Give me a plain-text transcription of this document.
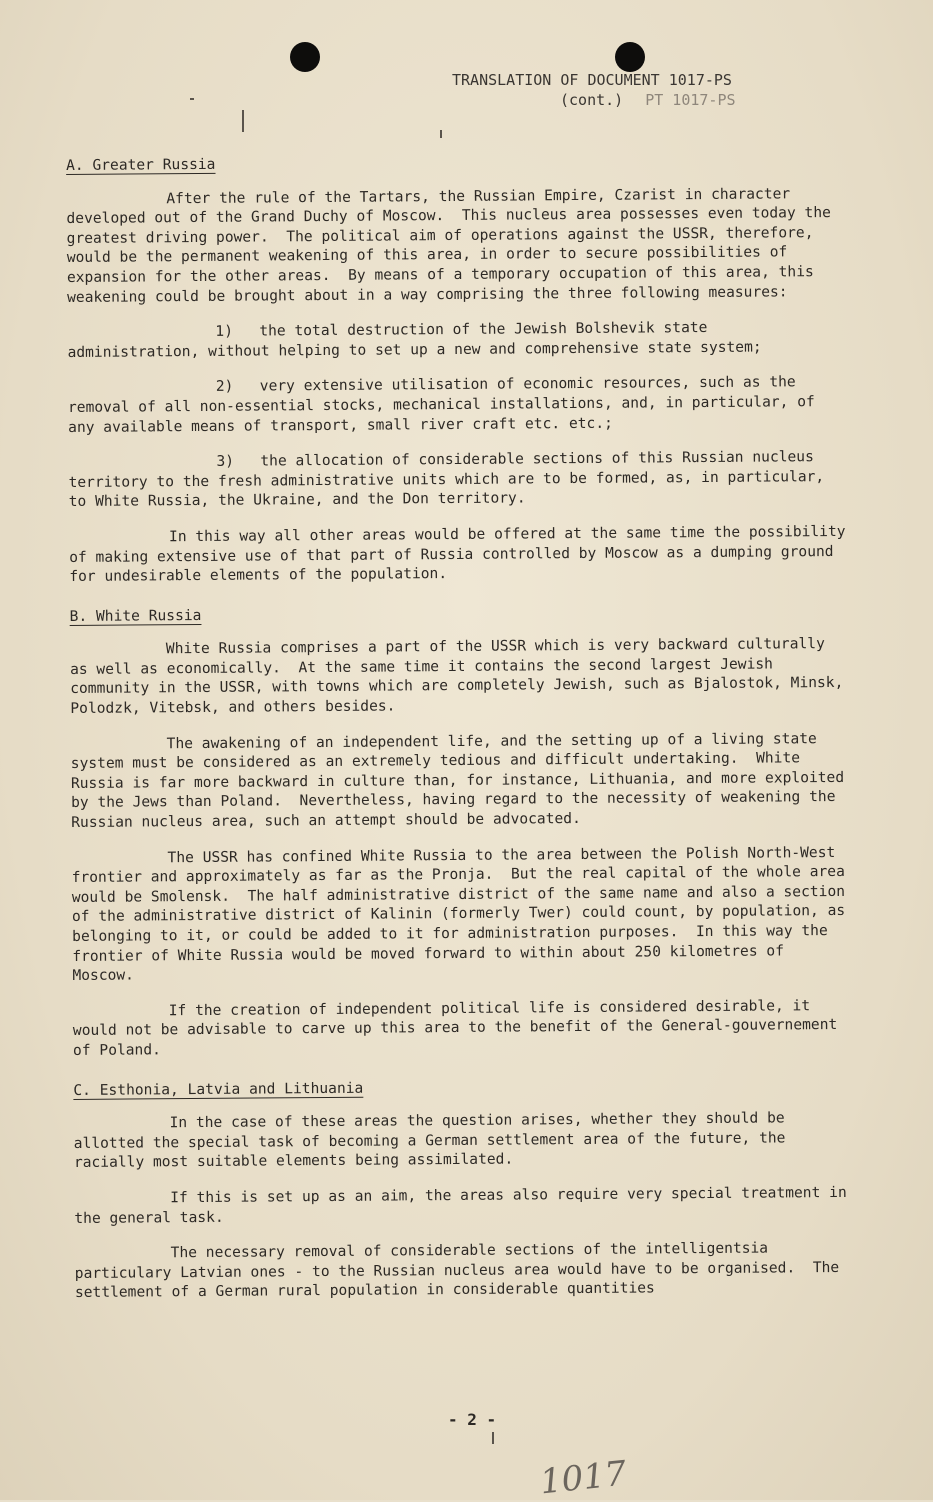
TRANSLATION OF DOCUMENT 1017-PS
(cont.) PT 1017-PS
A. Greater Russia
After the rule of the Tartars, the Russian Empire, Czarist in character developed out of the Grand Duchy of Moscow.  This nucleus area possesses even today the greatest driving power.  The political aim of operations against the USSR, therefore, would be the permanent weakening of this area, in order to secure possibilities of expansion for the other areas.  By means of a temporary occupation of this area, this weakening could be brought about in a way comprising the three following measures:
1)   the total destruction of the Jewish Bolshevik state administration, without helping to set up a new and comprehensive state system;
2)   very extensive utilisation of economic resources, such as the removal of all non-essential stocks, mechanical installations, and, in particular, of any available means of transport, small river craft etc. etc.;
3)   the allocation of considerable sections of this Russian nucleus territory to the fresh administrative units which are to be formed, as, in particular, to White Russia, the Ukraine, and the Don territory.
In this way all other areas would be offered at the same time the possibility of making extensive use of that part of Russia controlled by Moscow as a dumping ground for undesirable elements of the population.
B. White Russia
White Russia comprises a part of the USSR which is very backward culturally as well as economically.  At the same time it contains the second largest Jewish community in the USSR, with towns which are completely Jewish, such as Bjalostok, Minsk, Polodzk, Vitebsk, and others besides.
The awakening of an independent life, and the setting up of a living state system must be considered as an extremely tedious and difficult undertaking.  White Russia is far more backward in culture than, for instance, Lithuania, and more exploited by the Jews than Poland.  Nevertheless, having regard to the necessity of weakening the Russian nucleus area, such an attempt should be advocated.
The USSR has confined White Russia to the area between the Polish North-West frontier and approximately as far as the Pronja.  But the real capital of the whole area would be Smolensk.  The half administrative district of the same name and also a section of the administrative district of Kalinin (formerly Twer) could count, by population, as belonging to it, or could be added to it for administration purposes.  In this way the frontier of White Russia would be moved forward to within about 250 kilometres of Moscow.
If the creation of independent political life is considered desirable, it would not be advisable to carve up this area to the benefit of the General-gouvernement of Poland.
C. Esthonia, Latvia and Lithuania
In the case of these areas the question arises, whether they should be allotted the special task of becoming a German settlement area of the future, the racially most suitable elements being assimilated.
If this is set up as an aim, the areas also require very special treatment in the general task.
The necessary removal of considerable sections of the intelligentsia particulary Latvian ones - to the Russian nucleus area would have to be organised.  The settlement of a German rural population in considerable quantities
- 2 -
1017
